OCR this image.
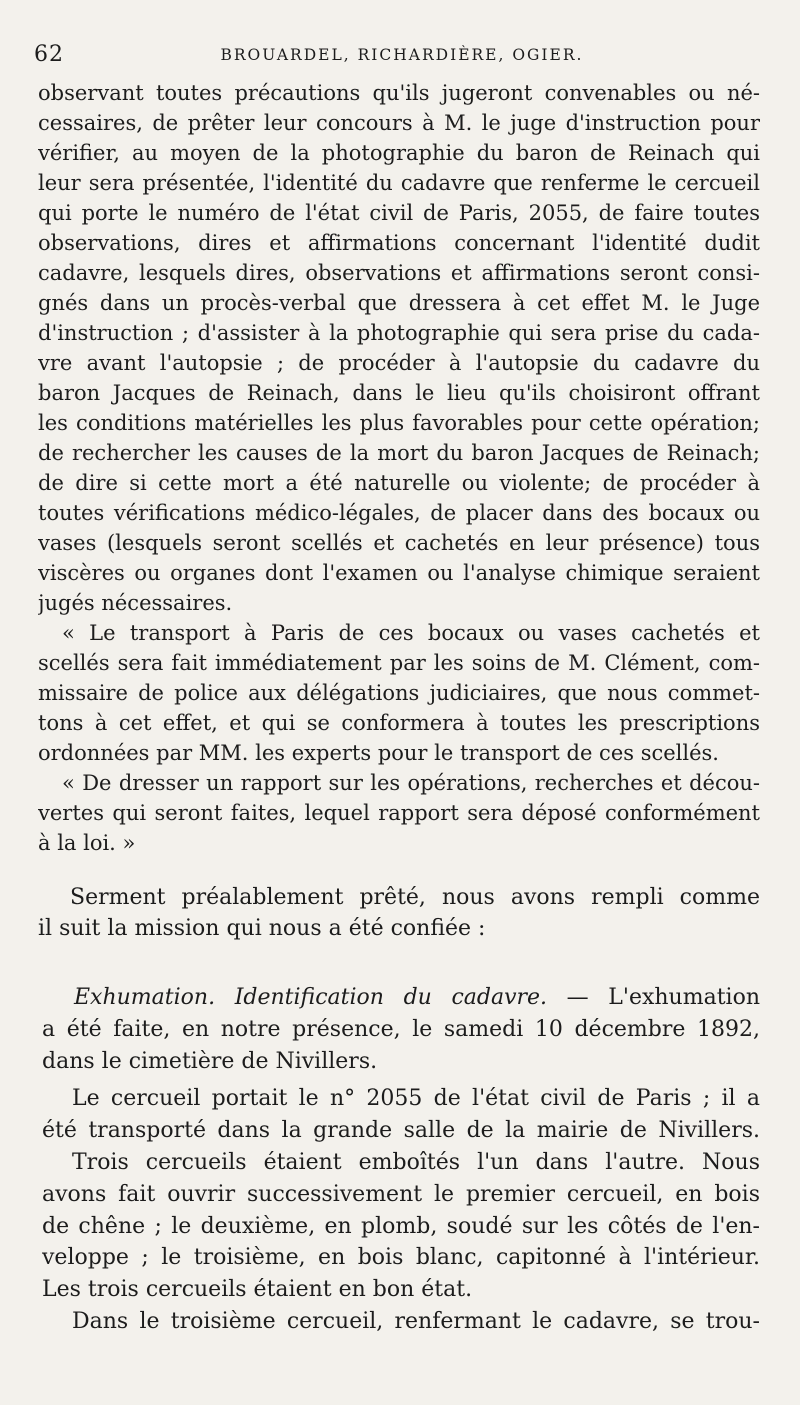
62	BROUARDEL, RICHARDIÈRE, OGIER.
observant toutes précautions qu'ils jugeront convenables ou né-
cessaires, de prêter leur concours à M. le juge d'instruction pour
vérifier, au moyen de la photographie du baron de Reinach qui
leur sera présentée, l'identité du cadavre que renferme le cercueil
qui porte le numéro de l'état civil de Paris, 2055, de faire toutes
observations, dires et affirmations concernant l'identité dudit
cadavre, lesquels dires, observations et affirmations seront consi-
gnés dans un procès-verbal que dressera à cet effet M. le Juge
d'instruction ; d'assister à la photographie qui sera prise du cada-
vre avant l'autopsie ; de procéder à l'autopsie du cadavre du
baron Jacques de Reinach, dans le lieu qu'ils choisiront offrant
les conditions matérielles les plus favorables pour cette opération;
de rechercher les causes de la mort du baron Jacques de Reinach;
de dire si cette mort a été naturelle ou violente; de procéder à
toutes vérifications médico-légales, de placer dans des bocaux ou
vases (lesquels seront scellés et cachetés en leur présence) tous
viscères ou organes dont l'examen ou l'analyse chimique seraient
jugés nécessaires.
« Le transport à Paris de ces bocaux ou vases cachetés et
scellés sera fait immédiatement par les soins de M. Clément, com-
missaire de police aux délégations judiciaires, que nous commet-
tons à cet effet, et qui se conformera à toutes les prescriptions
ordonnées par MM. les experts pour le transport de ces scellés.
« De dresser un rapport sur les opérations, recherches et décou-
vertes qui seront faites, lequel rapport sera déposé conformément
à la loi. »
Serment préalablement prêté, nous avons rempli comme
il suit la mission qui nous a été confiée :
Exhumation. Identification du cadavre. — L'exhumation
a été faite, en notre présence, le samedi 10 décembre 1892,
dans le cimetière de Nivillers.
Le cercueil portait le n° 2055 de l'état civil de Paris ; il a
été transporté dans la grande salle de la mairie de Nivillers.
Trois cercueils étaient emboîtés l'un dans l'autre. Nous
avons fait ouvrir successivement le premier cercueil, en bois
de chêne ; le deuxième, en plomb, soudé sur les côtés de l'en-
veloppe ; le troisième, en bois blanc, capitonné à l'intérieur.
Les trois cercueils étaient en bon état.
Dans le troisième cercueil, renfermant le cadavre, se trou-
